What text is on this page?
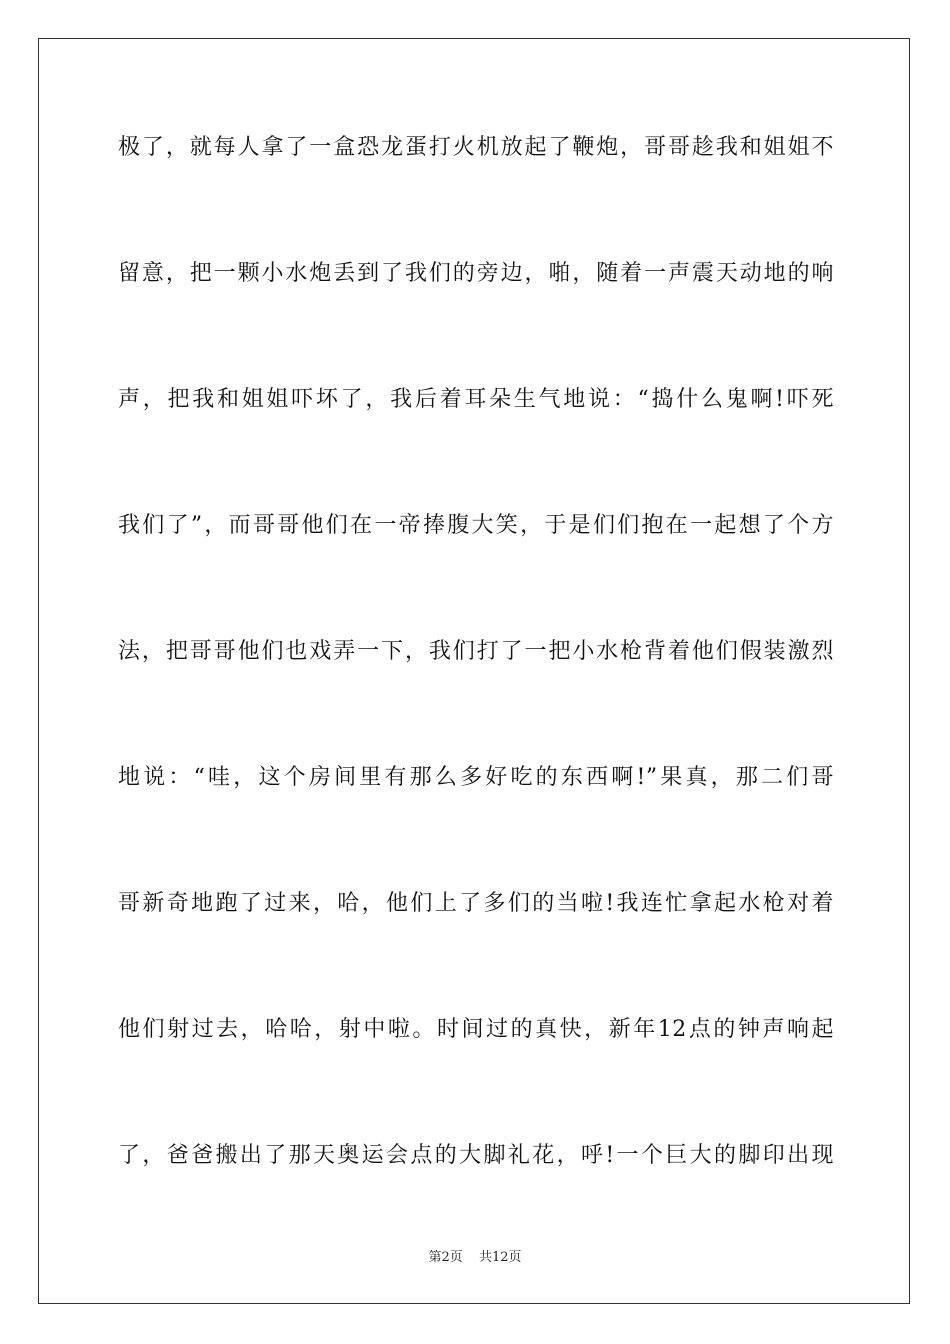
极了，就每人拿了一盒恐龙蛋打火机放起了鞭炮，哥哥趁我和姐姐不
留意，把一颗小水炮丢到了我们的旁边，啪，随着一声震天动地的响
声，把我和姐姐吓坏了，我后着耳朵生气地说：“捣什么鬼啊!吓死
我们了”，而哥哥他们在一帝捧腹大笑，于是们们抱在一起想了个方
法，把哥哥他们也戏弄一下，我们打了一把小水枪背着他们假装激烈
地说：“哇，这个房间里有那么多好吃的东西啊!”果真，那二们哥
哥新奇地跑了过来，哈，他们上了多们的当啦!我连忙拿起水枪对着
他们射过去，哈哈，射中啦。时间过的真快，新年12点的钟声响起
了，爸爸搬出了那天奥运会点的大脚礼花，呼!一个巨大的脚印出现
第2页 共12页
